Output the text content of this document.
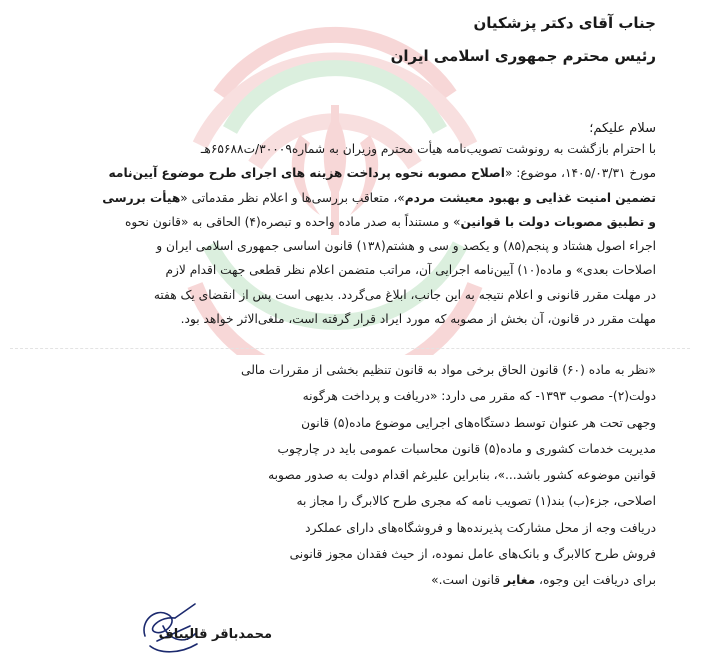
جناب آقای دکتر پزشکیان
رئیس محترم جمهوری اسلامی ایران
سلام علیکم؛
با احترام بازگشت به رونوشت تصویب‌نامه هیأت محترم وزیران به شماره۳۰۰۰۹/ت۶۵۶۸۸هـ
مورخ ۱۴۰۵/۰۳/۳۱، موضوع: «اصلاح مصوبه نحوه پرداخت هزینه های اجرای طرح موضوع آیین‌نامه
تضمین امنیت غذایی و بهبود معیشت مردم»، متعاقب بررسی‌ها و اعلام نظر مقدماتی «هیأت بررسی
و تطبیق مصوبات دولت با قوانین» و مستنداً به صدر ماده واحده و تبصره(۴) الحاقی به «قانون نحوه
اجراء اصول هشتاد و پنجم(۸۵) و یکصد و سی و هشتم(۱۳۸) قانون اساسی جمهوری اسلامی ایران و
اصلاحات بعدی» و ماده(۱۰) آیین‌نامه اجرایی آن، مراتب متضمن اعلام نظر قطعی جهت اقدام لازم
در مهلت مقرر قانونی و اعلام نتیجه به این جانب، ابلاغ می‌گردد. بدیهی است پس از انقضای یک هفته
مهلت مقرر در قانون، آن بخش از مصوبه که مورد ایراد قرار گرفته است، ملغی‌الاثر خواهد بود.
«نظر به ماده (۶۰) قانون الحاق برخی مواد به قانون تنظیم بخشی از مقررات مالی
دولت(۲)- مصوب ۱۳۹۳- که مقرر می دارد: «دریافت و پرداخت هرگونه
وجهی تحت هر عنوان توسط دستگاه‌های اجرایی موضوع ماده(۵) قانون
مدیریت خدمات کشوری و ماده(۵) قانون محاسبات عمومی باید در چارچوب
قوانین موضوعه کشور باشد...»، بنابراین علیرغم اقدام دولت به صدور مصوبه
اصلاحی، جزء(ب) بند(۱) تصویب نامه که مجری طرح کالابرگ را مجاز به
دریافت وجه از محل مشارکت پذیرنده‌ها و فروشگاه‌های دارای عملکرد
فروش طرح کالابرگ و بانک‌های عامل نموده، از حیث فقدان مجوز قانونی
برای دریافت این وجوه، مغایر قانون است.»
محمدباقر قالیباف
